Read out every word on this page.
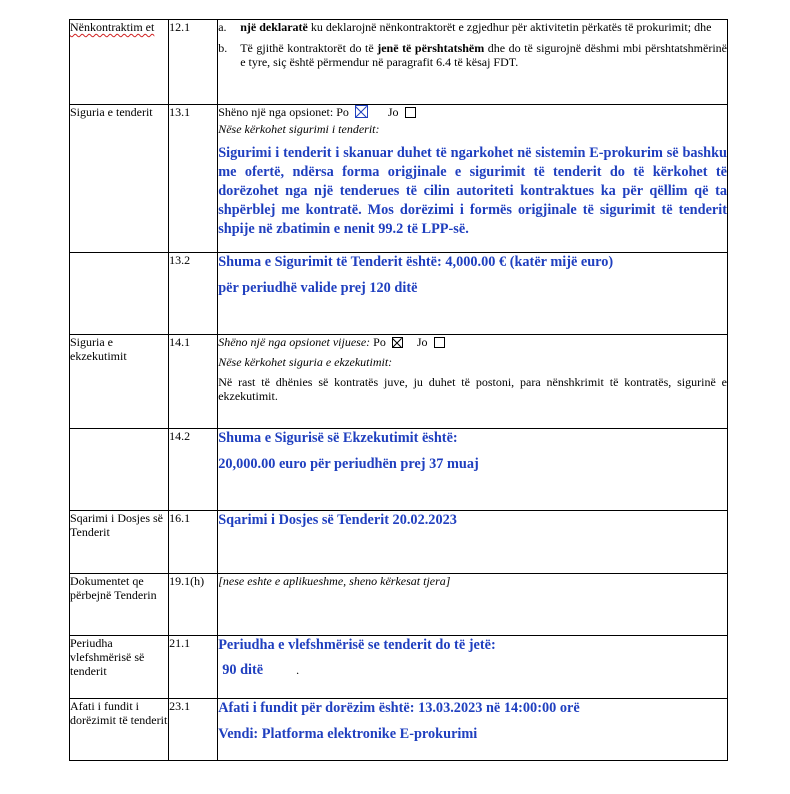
Nënkontraktim et	12.1	a. një deklaratë ku deklarojnë nënkontraktorët e zgjedhur për aktivitetin përkatës të prokurimit; dhe
b. Të gjithë kontraktorët do të jenë të përshtatshëm dhe do të sigurojnë dëshmi mbi përshtatshmërinë e tyre, siç është përmendur në paragrafit 6.4 të kësaj FDT.

Siguria e tenderit	13.1	Shëno një nga opsionet: Po Jo
Nëse kërkohet sigurimi i tenderit:
Sigurimi i tenderit i skanuar duhet të ngarkohet në sistemin E-prokurim së bashku me ofertë, ndërsa forma origjinale e sigurimit të tenderit do të kërkohet të dorëzohet nga një tenderues të cilin autoriteti kontraktues ka për qëllim që ta shpërblej me kontratë. Mos dorëzimi i formës origjinale të sigurimit të tenderit shpije në zbatimin e nenit 99.2 të LPP-së.

	13.2	Shuma e Sigurimit të Tenderit është: 4,000.00 € (katër mijë euro)
për periudhë valide prej 120 ditë

Siguria e ekzekutimit	14.1	Shëno një nga opsionet vijuese: Po Jo
Nëse kërkohet siguria e ekzekutimit:
Në rast të dhënies së kontratës juve, ju duhet të postoni, para nënshkrimit të kontratës, sigurinë e ekzekutimit.

	14.2	Shuma e Sigurisë së Ekzekutimit është:
20,000.00 euro për periudhën prej 37 muaj

Sqarimi i Dosjes së Tenderit	16.1	Sqarimi i Dosjes së Tenderit 20.02.2023

Dokumentet qe përbejnë Tenderin	19.1(h)	[nese eshte e aplikueshme, sheno kërkesat tjera]

Periudha vlefshmërisë së tenderit	21.1	Periudha e vlefshmërisë se tenderit do të jetë:
90 ditë .

Afati i fundit i dorëzimit të tenderit	23.1	Afati i fundit për dorëzim është: 13.03.2023 në 14:00:00 orë
Vendi: Platforma elektronike E-prokurimi
